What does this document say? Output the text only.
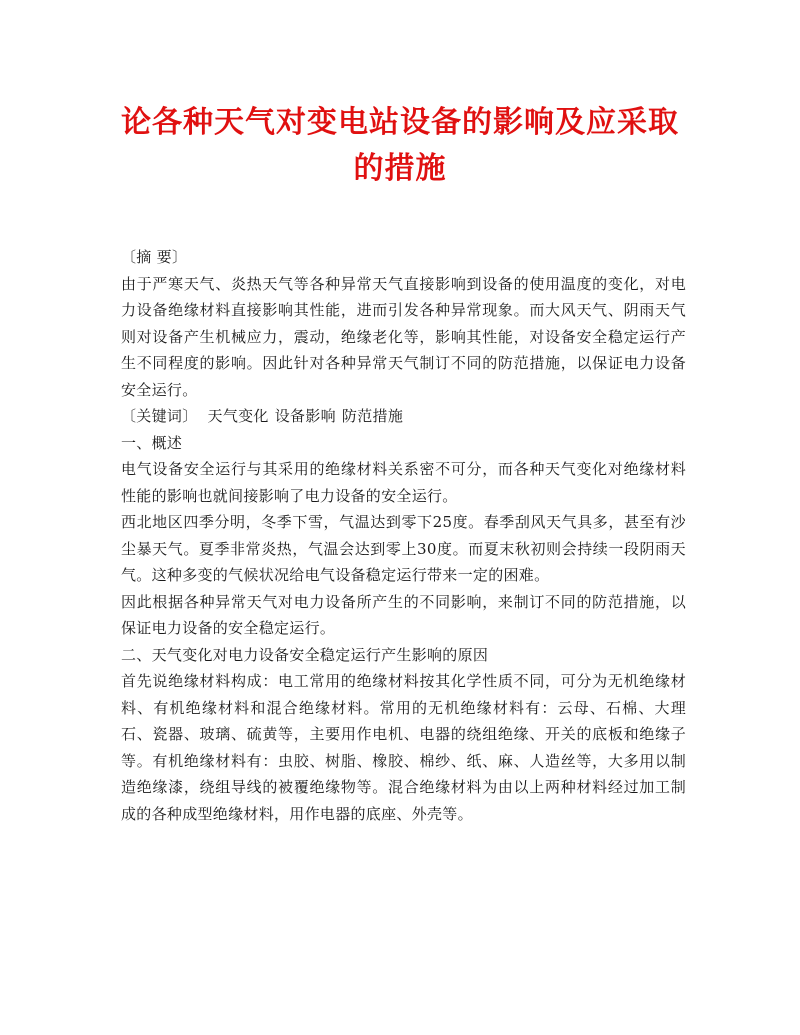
论各种天气对变电站设备的影响及应采取的措施

〔摘 要〕

由于严寒天气、炎热天气等各种异常天气直接影响到设备的使用温度的变化，对电力设备绝缘材料直接影响其性能，进而引发各种异常现象。而大风天气、阴雨天气则对设备产生机械应力，震动，绝缘老化等，影响其性能，对设备安全稳定运行产生不同程度的影响。因此针对各种异常天气制订不同的防范措施，以保证电力设备安全运行。

〔关键词〕 天气变化 设备影响 防范措施

一、概述

电气设备安全运行与其采用的绝缘材料关系密不可分，而各种天气变化对绝缘材料性能的影响也就间接影响了电力设备的安全运行。

西北地区四季分明，冬季下雪，气温达到零下25度。春季刮风天气具多，甚至有沙尘暴天气。夏季非常炎热，气温会达到零上30度。而夏末秋初则会持续一段阴雨天气。这种多变的气候状况给电气设备稳定运行带来一定的困难。

因此根据各种异常天气对电力设备所产生的不同影响，来制订不同的防范措施，以保证电力设备的安全稳定运行。

二、天气变化对电力设备安全稳定运行产生影响的原因

首先说绝缘材料构成：电工常用的绝缘材料按其化学性质不同，可分为无机绝缘材料、有机绝缘材料和混合绝缘材料。常用的无机绝缘材料有：云母、石棉、大理石、瓷器、玻璃、硫黄等，主要用作电机、电器的绕组绝缘、开关的底板和绝缘子等。有机绝缘材料有：虫胶、树脂、橡胶、棉纱、纸、麻、人造丝等，大多用以制造绝缘漆，绕组导线的被覆绝缘物等。混合绝缘材料为由以上两种材料经过加工制成的各种成型绝缘材料，用作电器的底座、外壳等。
